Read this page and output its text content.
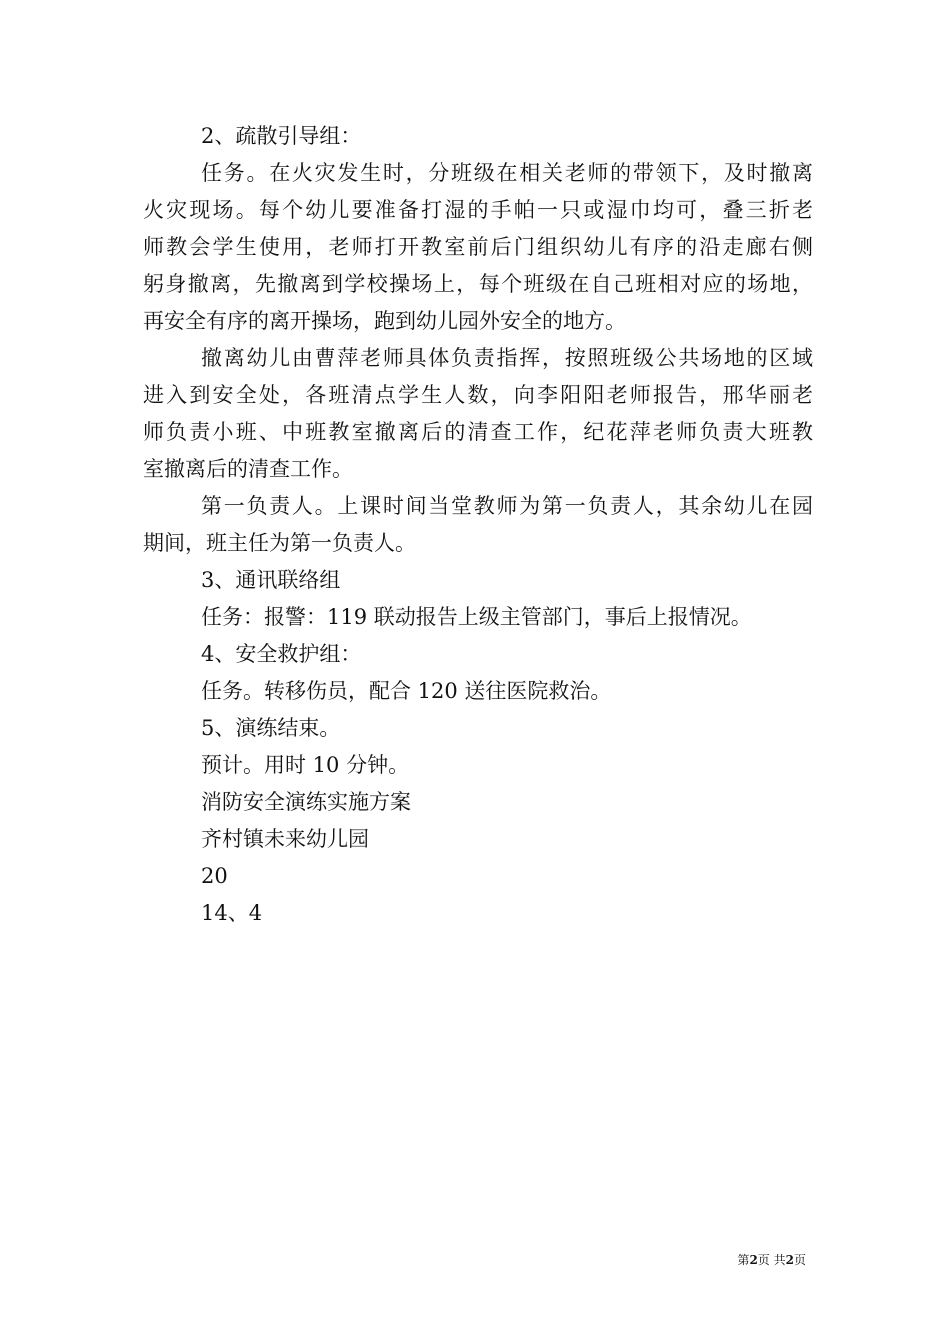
2、疏散引导组：
任务。在火灾发生时，分班级在相关老师的带领下，及时撤离
火灾现场。每个幼儿要准备打湿的手帕一只或湿巾均可，叠三折老
师教会学生使用，老师打开教室前后门组织幼儿有序的沿走廊右侧
躬身撤离，先撤离到学校操场上，每个班级在自己班相对应的场地，
再安全有序的离开操场，跑到幼儿园外安全的地方。
撤离幼儿由曹萍老师具体负责指挥，按照班级公共场地的区域
进入到安全处，各班清点学生人数，向李阳阳老师报告，邢华丽老
师负责小班、中班教室撤离后的清查工作，纪花萍老师负责大班教
室撤离后的清查工作。
第一负责人。上课时间当堂教师为第一负责人，其余幼儿在园
期间，班主任为第一负责人。
3、通讯联络组
任务：报警：119 联动报告上级主管部门，事后上报情况。
4、安全救护组：
任务。转移伤员，配合 120 送往医院救治。
5、演练结束。
预计。用时 10 分钟。
消防安全演练实施方案
齐村镇未来幼儿园
20
14、4
第2页 共2页
